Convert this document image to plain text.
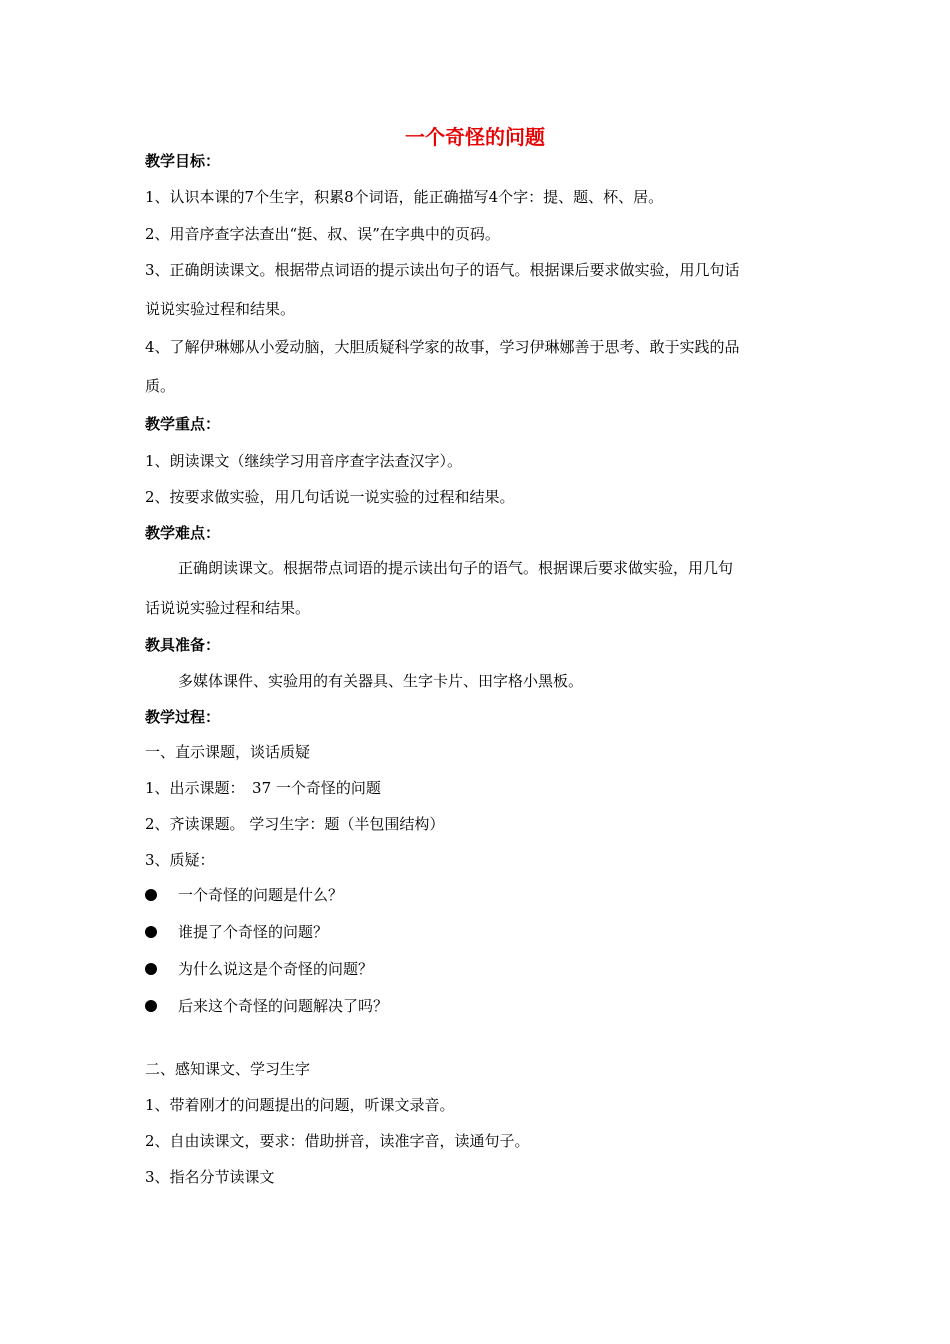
一个奇怪的问题
教学目标：
1、认识本课的7个生字，积累8个词语，能正确描写4个字：提、题、杯、居。
2、用音序查字法查出“挺、叔、误”在字典中的页码。
3、正确朗读课文。根据带点词语的提示读出句子的语气。根据课后要求做实验，用几句话
说说实验过程和结果。
4、了解伊琳娜从小爱动脑，大胆质疑科学家的故事，学习伊琳娜善于思考、敢于实践的品
质。
教学重点：
1、朗读课文（继续学习用音序查字法查汉字）。
2、按要求做实验，用几句话说一说实验的过程和结果。
教学难点：
正确朗读课文。根据带点词语的提示读出句子的语气。根据课后要求做实验，用几句
话说说实验过程和结果。
教具准备：
多媒体课件、实验用的有关器具、生字卡片、田字格小黑板。
教学过程：
一、直示课题，谈话质疑
1、出示课题：　37 一个奇怪的问题
2、齐读课题。 学习生字：题（半包围结构）
3、质疑：
一个奇怪的问题是什么？
谁提了个奇怪的问题？
为什么说这是个奇怪的问题？
后来这个奇怪的问题解决了吗？
二、感知课文、学习生字
1、带着刚才的问题提出的问题，听课文录音。
2、自由读课文，要求：借助拼音，读准字音，读通句子。
3、指名分节读课文
